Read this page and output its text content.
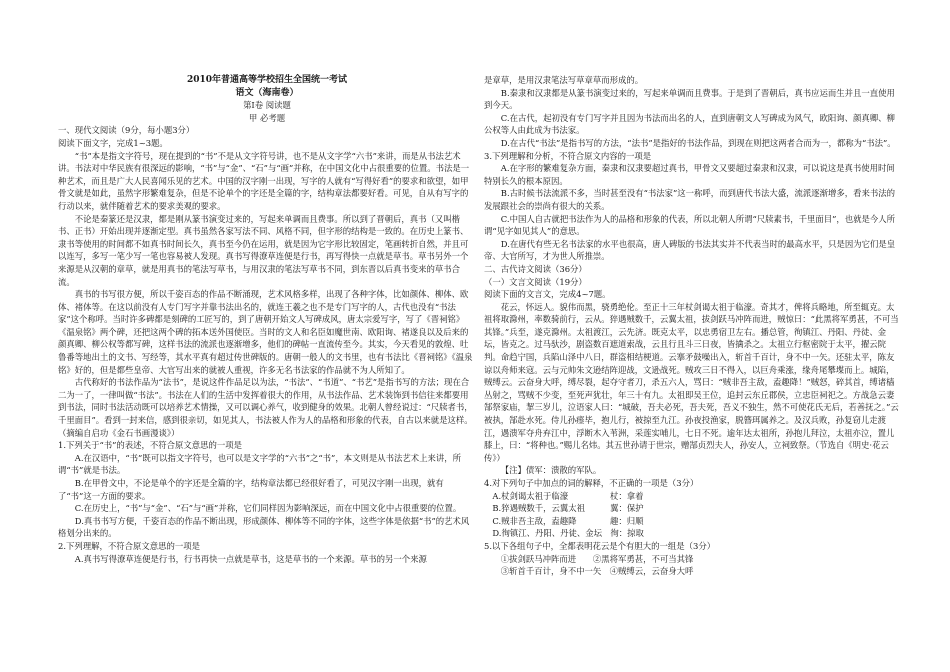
2010年普通高等学校招生全国统一考试

语文（海南卷）

第Ⅰ卷 阅读题

甲 必考题

一、现代文阅读（9分，每小题3分）

阅读下面文字，完成1~3题。

“书”本是指文字符号，现在提到的“书”不是从文字符号讲，也不是从文字学“六书”来讲，而是从书法艺术讲。书法对中华民族有很深远的影响，“书”与“金”、“石”与“画”并称，在中国文化中占很重要的位置。书法是一种艺术，而且是广大人民喜闻乐见的艺术。中国的汉字刚一出现，写字的人就有“写得好看”的要求和欲望，如甲骨文就是如此，虽然字形繁难复杂，但是不论单个的字还是全篇的字，结构章法都要好看。可见，自从有写字的行动以来，就伴随着艺术的要求美观的要求。

不论是秦篆还是汉隶，都是刚从篆书演变过来的，写起来单调而且费事。所以到了晋朝后，真书（又叫楷书、正书）开始出现并逐渐定型。真书虽然各家写法不同、风格不同，但字形的结构是一致的。在历史上篆书、隶书等使用的时间都不如真书时间长久，真书至今仍在运用，就是因为它字形比较固定，笔画转折自然，并且可以连写，多写一笔少写一笔也容易被人发现。真书写得潦草连便是行书，再写得快一点就是草书。草书另外一个来源是从汉朝的章草，就是用真书的笔法写草书，与用汉隶的笔法写草书不同，到东晋以后真书变来的草书合流。

真书的书写很方便，所以千姿百态的作品不断涌现，艺术风格多样，出现了各种字体，比如颜体、柳体、欧体、褚体等。在这以前没有人专门写字并靠书法出名的，就连王羲之也不是专门写字的人，古代也没有“书法家”这个称呼。当时许多碑都是刻碑的工匠写的，到了唐朝开始文人写碑成风，唐太宗爱写字，写了《晋祠铭》《温泉铭》两个碑，还把这两个碑的拓本送外国使臣。当时的文人和名臣如魔世南、欧阳询、褚遂良以及后来的颜真卿、柳公权等都写碑，这样书法的流派也逐渐增多，他们的碑帖一直流传至今。其实，今天看见的敦煌、吐鲁番等地出土的文书、写经等，其水平真有超过传世碑版的。唐朝一般人的文书里，也有书法比《晋祠铭》《温泉铭》好的，但是都些皇帝、大官写出来的就被人重视，许多无名书法家的作品就不为人所知了。

古代称好的书法作品为“法书”，是说这件作品足以为法，“书法”、“书道”、“书艺”是指书写的方法；现在合二为一了，一律叫做“书法”。书法在人们的生活中发挥着很大的作用，从书法作品、艺术装饰到书信往来都要用到书法，同时书法活动既可以培养艺术情操，又可以调心养气，收到健身的效果。北朝人曾经说过：“尺牍者书，千里面目”。看到一封来信，感到很亲切，如见其人，书法被人作为人的品格和形象的代表，自古以来就是这样。（摘编自启功《金石书画漫谈》）

1.下列关于“书”的表述，不符合原文意思的一项是

A.在汉语中，“书”既可以指文字符号，也可以是文字学的“六书”之“书”，本文则是从书法艺术上来讲，所谓“书”就是书法。

B.在甲骨文中，不论是单个的字还是全篇的字，结构章法都已经很好看了，可见汉字刚一出现，就有了“书”这一方面的要求。

C.在历史上，“书”与“金”、“石”与“画”并称，它们同样因为影响深远，而在中国文化中占很重要的位置。

D.真书书写方便，千姿百态的作品不断出现，形成颜体、柳体等不同的字体，这些字体是依据“书”的艺术风格划分出来的。

2.下列理解，不符合原文意思的一项是

A.真书写得潦草连便是行书，行书再快一点就是草书，这是草书的一个来源。草书的另一个来源

是章草，是用汉隶笔法写草章草而形成的。

B.秦隶和汉隶都是从篆书演变过来的，写起来单调而且费事。于是到了晋朝后，真书应运而生并且一直使用到今天。

C.在古代，起初没有专门写字并且因为书法而出名的人，直到唐朝文人写碑成为风气，欧阳询、颜真卿、柳公权等人由此成为书法家。

D.在古代“书法”是指书写的方法，“法书”是指好的书法作品，到现在则把这两者合而为一，都称为“书法”。

3.下列理解和分析，不符合原文内容的一项是

A.在字形的繁难复杂方面，秦隶和汉隶要超过真书，甲骨文又要超过秦隶和汉隶，可以说这是真书使用时间特别长久的根本原因。

B.古时候书法流派不多，当时甚至没有“书法家”这一称呼，而到唐代书法大盛，流派逐渐增多，看来书法的发展跟社会的崇尚有很大的关系。

C.中国人自古就把书法作为人的品格和形象的代表，所以北朝人所谓“尺牍素书，千里面目”，也就是今人所谓“见字如见其人”的意思。

D.在唐代有些无名书法家的水平也很高，唐人碑版的书法其实并不代表当时的最高水平，只是因为它们是皇帝、大官所写，才为世人所推崇。

二、古代诗文阅读（36分）

（一）文言文阅读（19分）

阅读下面的文言文，完成4~7题。

花云，怀远人。貌伟而黑，骁勇绝伦。至正十三年杖剑谒太祖于临濠。奇其才，俾将兵略地，所至辄克。太祖将取滁州，率数骑前行，云从。猝遇贼数千，云翼太祖，拔剑跃马冲阵而进，贼惊曰：“此黑将军勇甚，不可当其锋。”兵至，遂克滁州。太祖渡江，云先济。既克太平，以忠勇宿卫左右。播总管，徇镇江、丹阳、丹徒、金坛，皆克之。过马驮沙，剧盗数百遮道索战，云且行且斗三日夜，皆擒杀之。太祖立行枢密院于太平，擢云院判。命趋宁国，兵陷山泽中八日，群盗相结梗道。云搴矛鼓噪出入，斩首千百计，身不中一矢。还驻太平，陈友谅以舟师来寇。云与元帅朱文逊结阵迎战，文逊战死。贼攻三日不得入，以巨舟乘涨，缘舟尾攀堞而上。城陷，贼缚云。云奋身大呼，缚尽裂，起夺守者刀，杀五六人，骂曰：“贼非吾主敌，盍趣降！”贼怒，碎其首，缚诸樯丛射之，骂贼不少变，至死声犹壮，年三十有九。太祖即吴王位，追封云东丘郡侯，立忠臣祠祀之。方战急云妻郜祭家庙，挈三岁儿，泣语家人曰：“城破，吾夫必死，吾夫死，吾义不独生，然不可使花氏无后，若善抚之。”云被执，郜赴水死。侍儿孙瘗毕，抱儿行，被掠至九江。孙夜投渔家，脱簪珥属养之。及汉兵败，孙复窃儿走渡江，遇溃军夺舟弃江中，浮断木入苇洲，采莲实哺儿，七日不死。逾年达太祖所，孙抱儿拜泣，太祖亦泣，置儿膝上，曰：“将种也。”赐儿名炜。其五世孙请于世宗，赠郜贞烈夫人，孙安人，立祠致祭。（节选自《明史·花云传》）

【注】债军：溃散的军队。

4.对下列句子中加点的词的解释，不正确的一项是（3分）

A.杖剑谒太祖于临濠　　　　　杖：拿着

B.猝遇贼数千，云翼太祖　　　翼：保护

C.贼非吾主敌，盍趣降　　　　趣：归顺

D.徇镇江、丹阳、丹徒、金坛　徇：掠取

5.以下各组句子中，全都表明花云是个有胆大的一组是（3分）

①拔剑跃马冲阵而进　　②黑将军勇甚，不可当其锋

③斩首千百计，身不中一矢　④贼缚云，云奋身大呼
